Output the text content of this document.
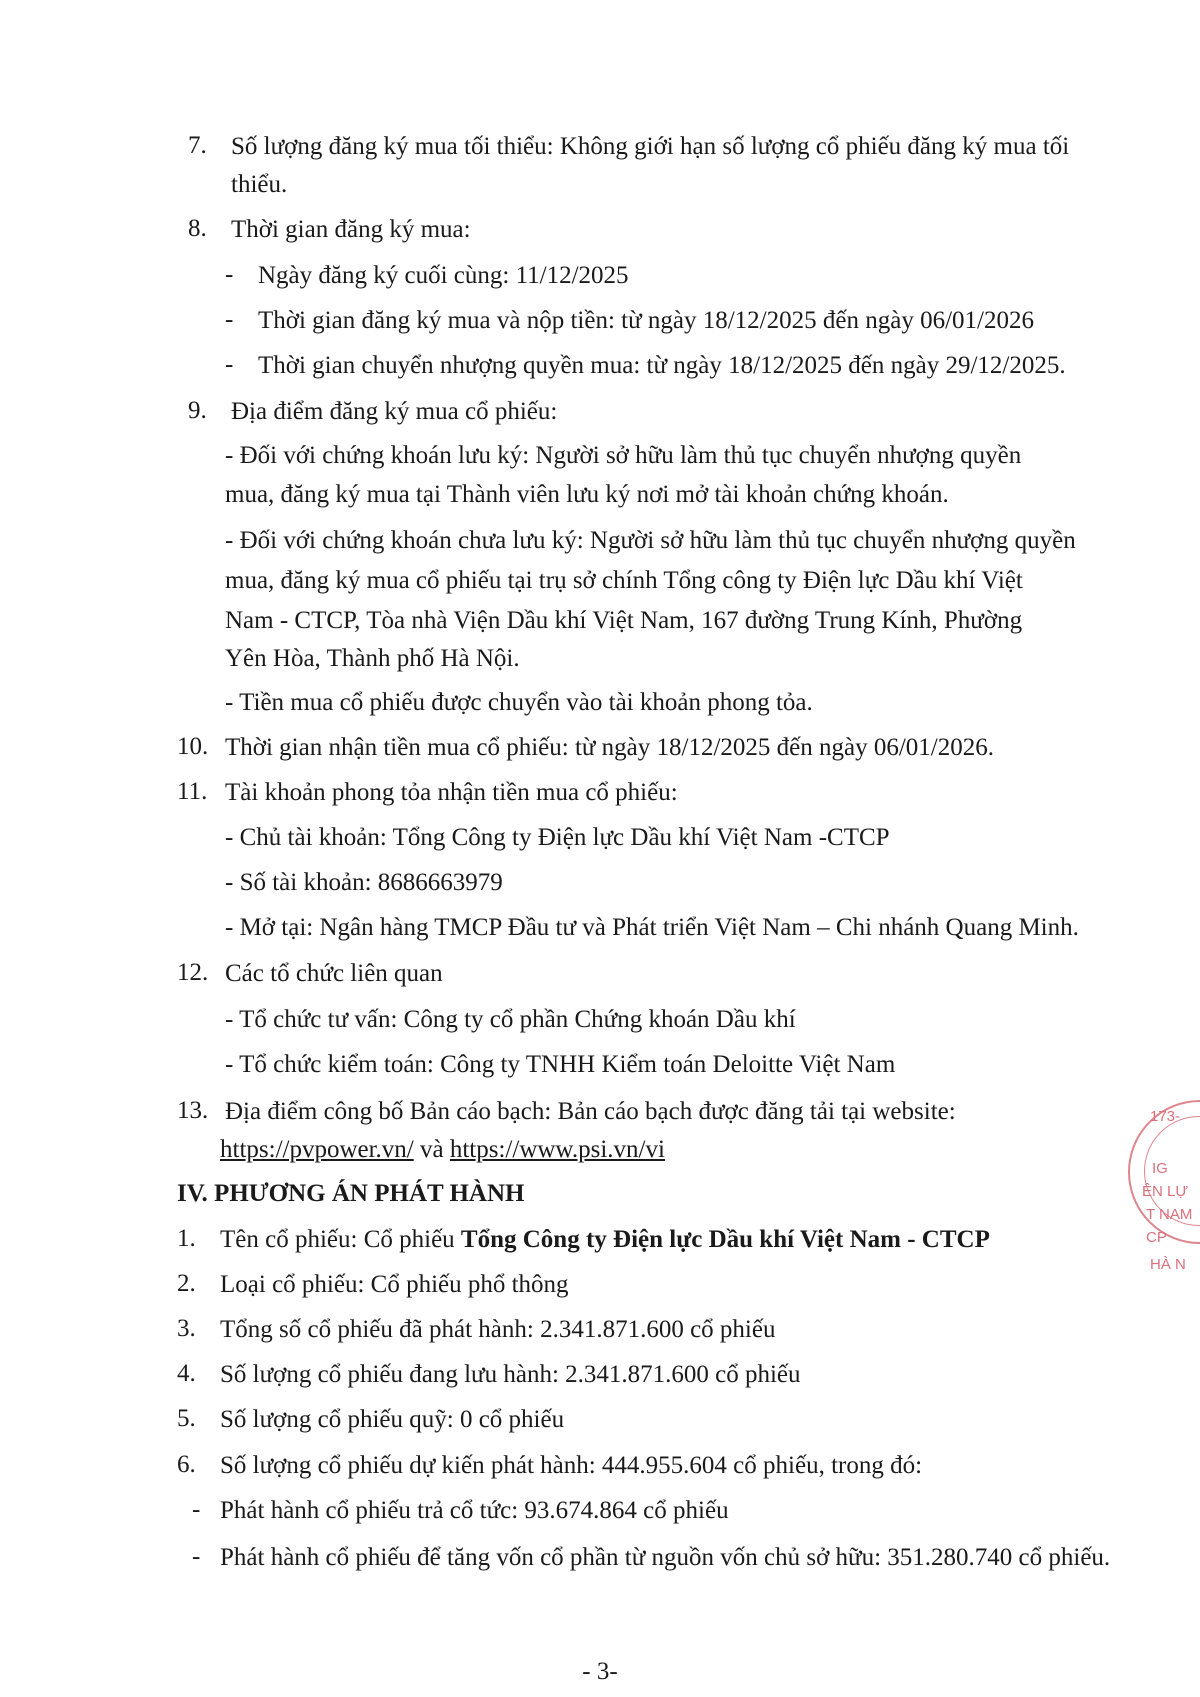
7. Số lượng đăng ký mua tối thiểu: Không giới hạn số lượng cổ phiếu đăng ký mua tối
thiểu.
8. Thời gian đăng ký mua:
- Ngày đăng ký cuối cùng: 11/12/2025
- Thời gian đăng ký mua và nộp tiền: từ ngày 18/12/2025 đến ngày 06/01/2026
- Thời gian chuyển nhượng quyền mua: từ ngày 18/12/2025 đến ngày 29/12/2025.
9. Địa điểm đăng ký mua cổ phiếu:
- Đối với chứng khoán lưu ký: Người sở hữu làm thủ tục chuyển nhượng quyền
mua, đăng ký mua tại Thành viên lưu ký nơi mở tài khoản chứng khoán.
- Đối với chứng khoán chưa lưu ký: Người sở hữu làm thủ tục chuyển nhượng quyền
mua, đăng ký mua cổ phiếu tại trụ sở chính Tổng công ty Điện lực Dầu khí Việt
Nam - CTCP, Tòa nhà Viện Dầu khí Việt Nam, 167 đường Trung Kính, Phường
Yên Hòa, Thành phố Hà Nội.
- Tiền mua cổ phiếu được chuyển vào tài khoản phong tỏa.
10. Thời gian nhận tiền mua cổ phiếu: từ ngày 18/12/2025 đến ngày 06/01/2026.
11. Tài khoản phong tỏa nhận tiền mua cổ phiếu:
- Chủ tài khoản: Tổng Công ty Điện lực Dầu khí Việt Nam -CTCP
- Số tài khoản: 8686663979
- Mở tại: Ngân hàng TMCP Đầu tư và Phát triển Việt Nam – Chi nhánh Quang Minh.
12. Các tổ chức liên quan
- Tổ chức tư vấn: Công ty cổ phần Chứng khoán Dầu khí
- Tổ chức kiểm toán: Công ty TNHH Kiểm toán Deloitte Việt Nam
13. Địa điểm công bố Bản cáo bạch: Bản cáo bạch được đăng tải tại website:
https://pvpower.vn/ và https://www.psi.vn/vi
IV. PHƯƠNG ÁN PHÁT HÀNH
1. Tên cổ phiếu: Cổ phiếu Tổng Công ty Điện lực Dầu khí Việt Nam - CTCP
2. Loại cổ phiếu: Cổ phiếu phổ thông
3. Tổng số cổ phiếu đã phát hành: 2.341.871.600 cổ phiếu
4. Số lượng cổ phiếu đang lưu hành: 2.341.871.600 cổ phiếu
5. Số lượng cổ phiếu quỹ: 0 cổ phiếu
6. Số lượng cổ phiếu dự kiến phát hành: 444.955.604 cổ phiếu, trong đó:
- Phát hành cổ phiếu trả cổ tức: 93.674.864 cổ phiếu
- Phát hành cổ phiếu để tăng vốn cổ phần từ nguồn vốn chủ sở hữu: 351.280.740 cổ phiếu.
- 3-
173-
IG
ÊN LỰ
T NAM
CP
HÀ N
